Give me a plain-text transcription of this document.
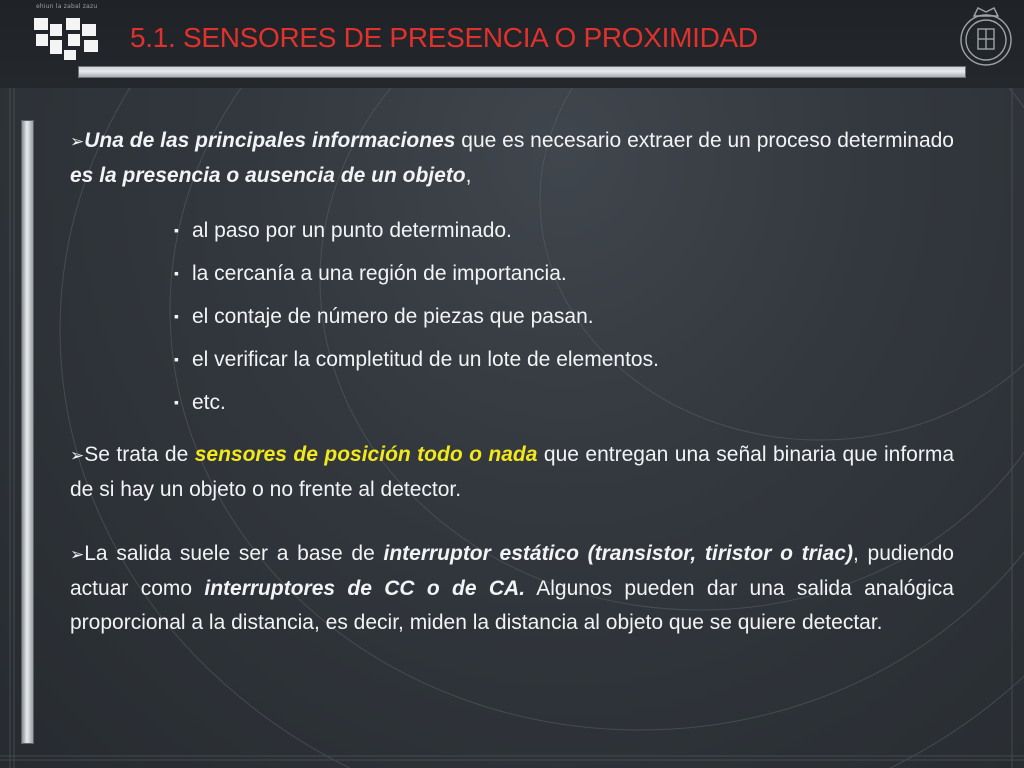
ehiun la zabal zazu
5.1. SENSORES DE PRESENCIA O PROXIMIDAD

➢Una de las principales informaciones que es necesario extraer de un proceso determinado es la presencia o ausencia de un objeto,

▪ al paso por un punto determinado.
▪ la cercanía a una región de importancia.
▪ el contaje de número de piezas que pasan.
▪ el verificar la completitud de un lote de elementos.
▪ etc.

➢Se trata de sensores de posición todo o nada que entregan una señal binaria que informa de si hay un objeto o no frente al detector.

➢La salida suele ser a base de interruptor estático (transistor, tiristor o triac), pudiendo actuar como interruptores de CC o de CA. Algunos pueden dar una salida analógica proporcional a la distancia, es decir, miden la distancia al objeto que se quiere detectar.
